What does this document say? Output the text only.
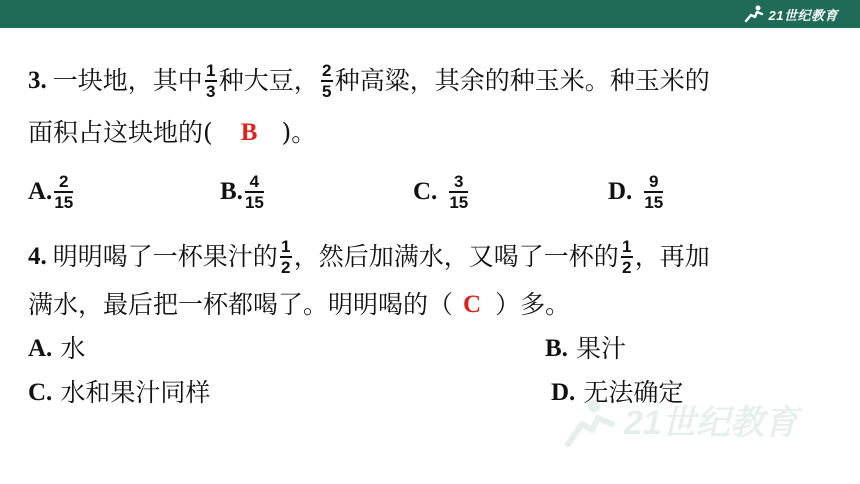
21世纪教育
3. 一块地，其中 $\frac{1}{3}$ 种大豆， $\frac{2}{5}$ 种高粱，其余的种玉米。种玉米的
面积占这块地的( B )。
A. $\frac{2}{15}$	B. $\frac{4}{15}$	C. $\frac{3}{15}$	D. $\frac{9}{15}$
4. 明明喝了一杯果汁的 $\frac{1}{2}$ ，然后加满水，又喝了一杯的 $\frac{1}{2}$ ，再加
满水，最后把一杯都喝了。明明喝的（ C ）多。
A. 水	B. 果汁
C. 水和果汁同样	D. 无法确定
21世纪教育
